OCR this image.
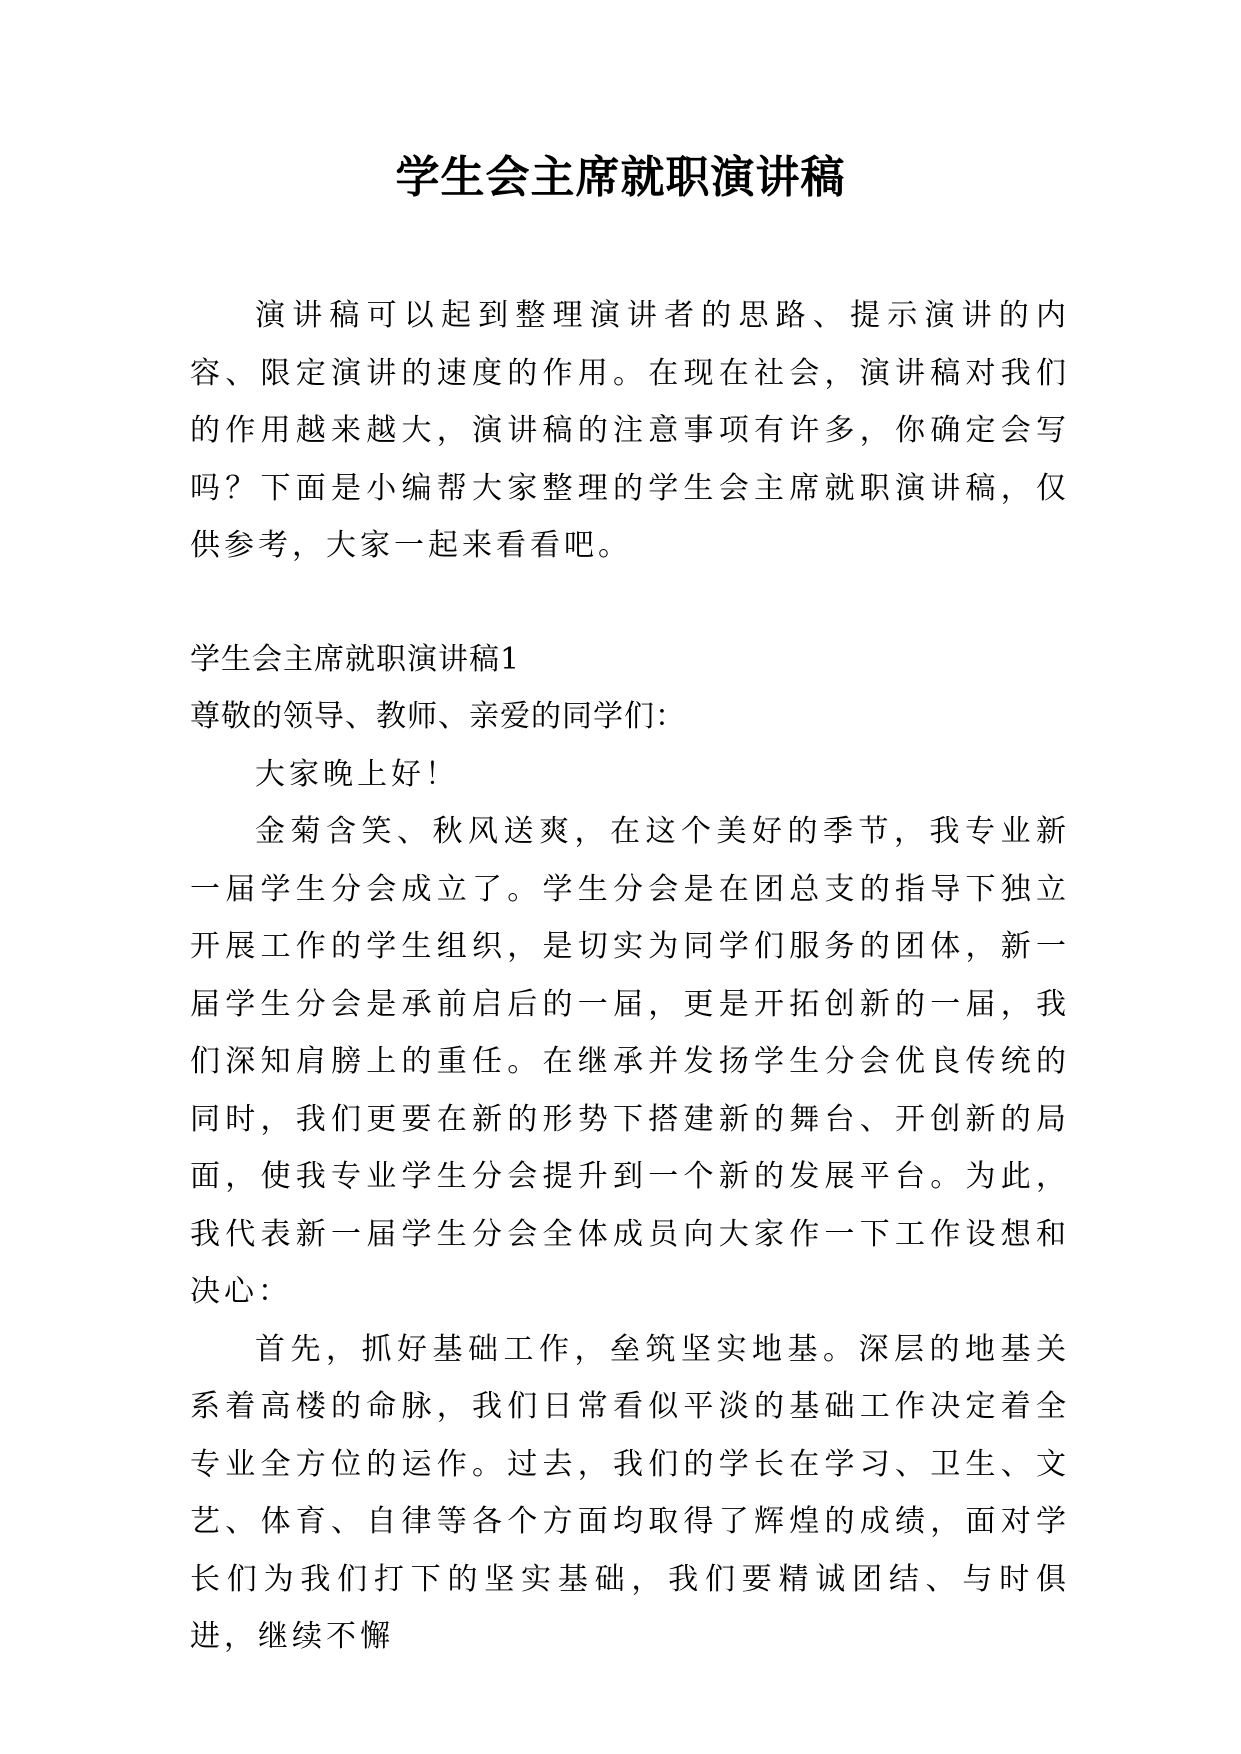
学生会主席就职演讲稿

演讲稿可以起到整理演讲者的思路、提示演讲的内容、限定演讲的速度的作用。在现在社会，演讲稿对我们的作用越来越大，演讲稿的注意事项有许多，你确定会写吗？下面是小编帮大家整理的学生会主席就职演讲稿，仅供参考，大家一起来看看吧。

学生会主席就职演讲稿1

尊敬的领导、教师、亲爱的同学们：

大家晚上好！

金菊含笑、秋风送爽，在这个美好的季节，我专业新一届学生分会成立了。学生分会是在团总支的指导下独立开展工作的学生组织，是切实为同学们服务的团体，新一届学生分会是承前启后的一届，更是开拓创新的一届，我们深知肩膀上的重任。在继承并发扬学生分会优良传统的同时，我们更要在新的形势下搭建新的舞台、开创新的局面，使我专业学生分会提升到一个新的发展平台。为此，我代表新一届学生分会全体成员向大家作一下工作设想和决心：

首先，抓好基础工作，垒筑坚实地基。深层的地基关系着高楼的命脉，我们日常看似平淡的基础工作决定着全专业全方位的运作。过去，我们的学长在学习、卫生、文艺、体育、自律等各个方面均取得了辉煌的成绩，面对学长们为我们打下的坚实基础，我们要精诚团结、与时俱进，继续不懈
